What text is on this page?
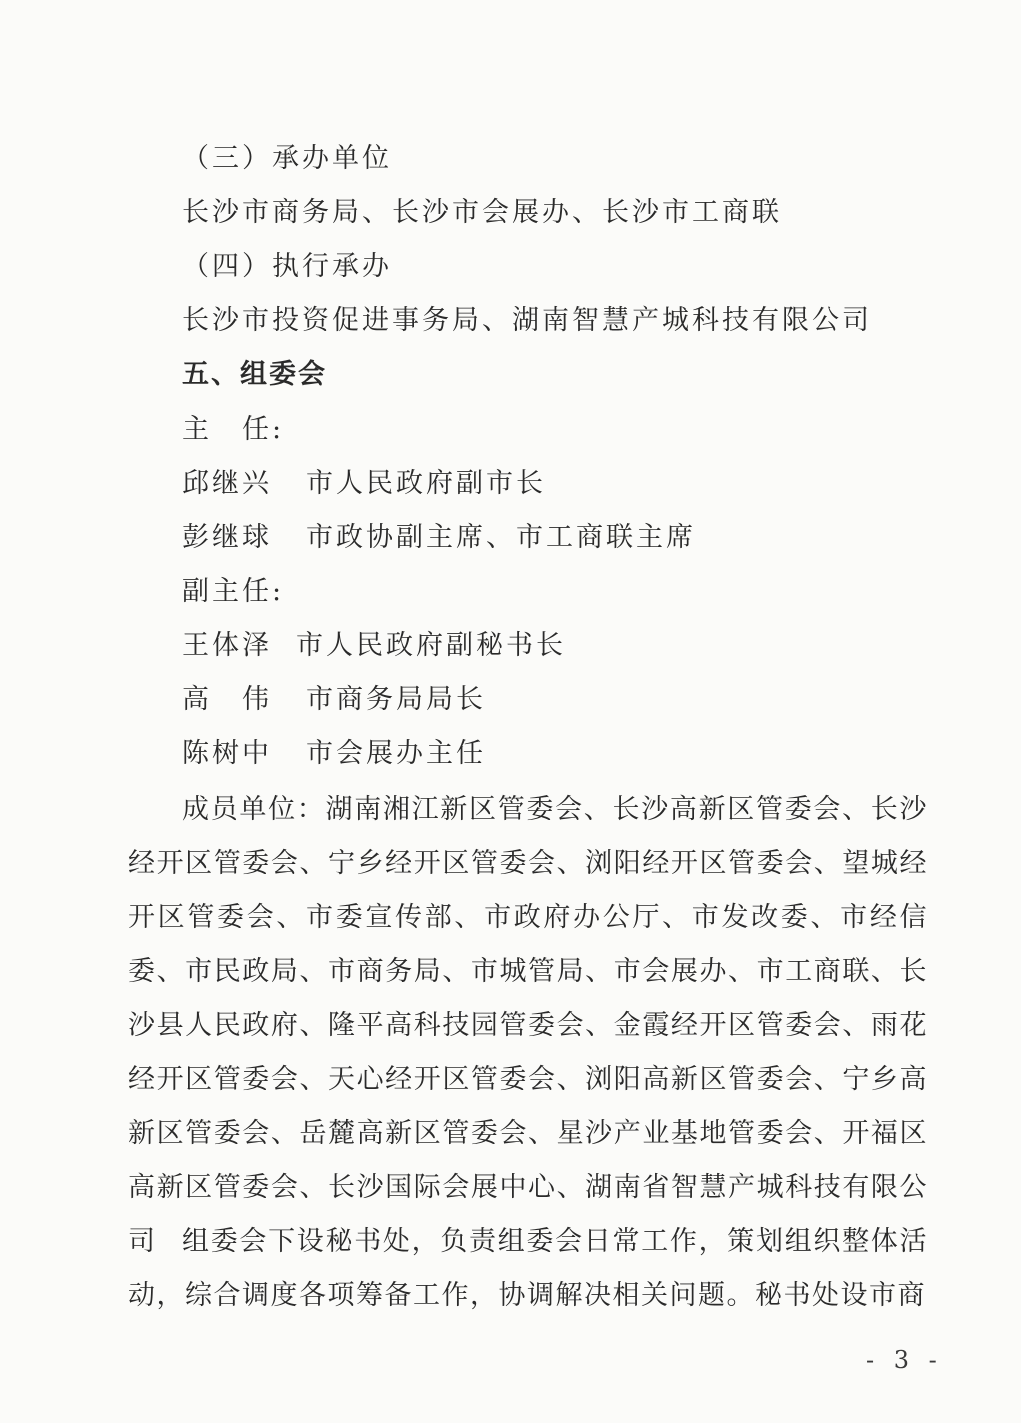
（三）承办单位
长沙市商务局、长沙市会展办、长沙市工商联
（四）执行承办
长沙市投资促进事务局、湖南智慧产城科技有限公司
五、组委会
主　任:
邱继兴 市人民政府副市长
彭继球 市政协副主席、市工商联主席
副主任:
王体泽 市人民政府副秘书长
高　伟 市商务局局长
陈树中 市会展办主任
成员单位：湖南湘江新区管委会、长沙高新区管委会、长沙经开区管委会、宁乡经开区管委会、浏阳经开区管委会、望城经开区管委会、市委宣传部、市政府办公厅、市发改委、市经信委、市民政局、市商务局、市城管局、市会展办、市工商联、长沙县人民政府、隆平高科技园管委会、金霞经开区管委会、雨花经开区管委会、天心经开区管委会、浏阳高新区管委会、宁乡高新区管委会、岳麓高新区管委会、星沙产业基地管委会、开福区高新区管委会、长沙国际会展中心、湖南省智慧产城科技有限公司 组委会下设秘书处，负责组委会日常工作，策划组织整体活动，综合调度各项筹备工作，协调解决相关问题。秘书处设市商
- 3 -
